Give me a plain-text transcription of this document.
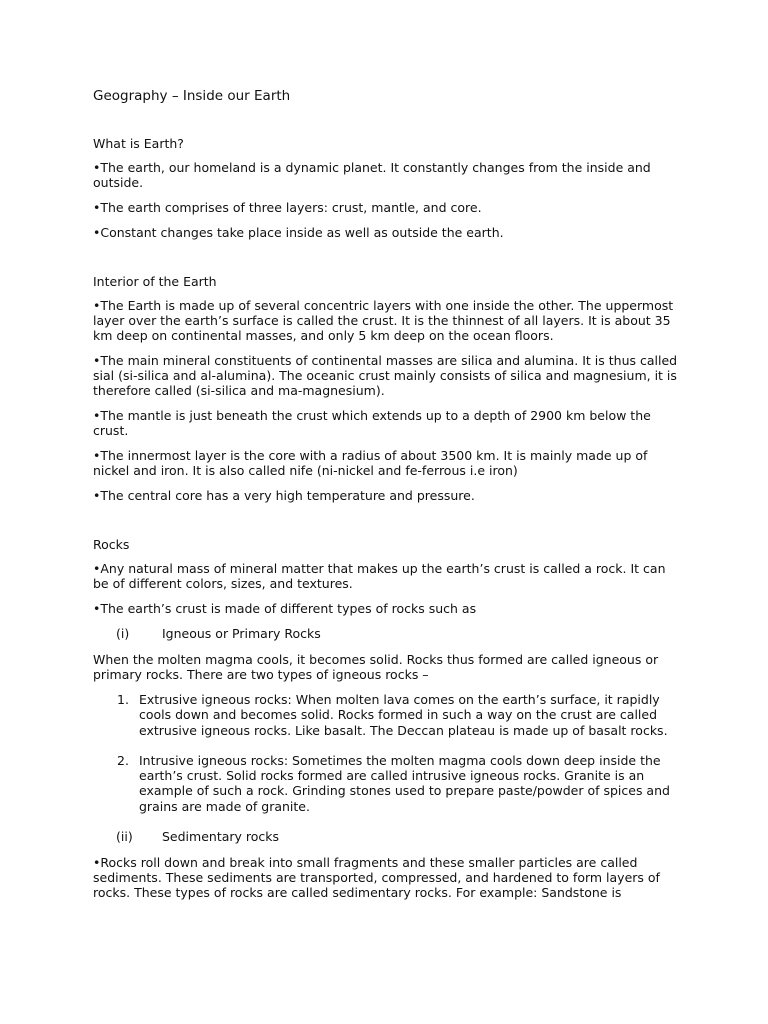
Geography – Inside our Earth
What is Earth?

•The earth, our homeland is a dynamic planet. It constantly changes from the inside and outside.

•The earth comprises of three layers: crust, mantle, and core.

•Constant changes take place inside as well as outside the earth.

Interior of the Earth

•The Earth is made up of several concentric layers with one inside the other. The uppermost layer over the earth’s surface is called the crust. It is the thinnest of all layers. It is about 35 km deep on continental masses, and only 5 km deep on the ocean floors.

•The main mineral constituents of continental masses are silica and alumina. It is thus called sial (si-silica and al-alumina). The oceanic crust mainly consists of silica and magnesium, it is therefore called (si-silica and ma-magnesium).

•The mantle is just beneath the crust which extends up to a depth of 2900 km below the crust.

•The innermost layer is the core with a radius of about 3500 km. It is mainly made up of nickel and iron. It is also called nife (ni-nickel and fe-ferrous i.e iron)

•The central core has a very high temperature and pressure.

Rocks

•Any natural mass of mineral matter that makes up the earth’s crust is called a rock. It can be of different colors, sizes, and textures.

•The earth’s crust is made of different types of rocks such as

(i)	Igneous or Primary Rocks

When the molten magma cools, it becomes solid. Rocks thus formed are called igneous or primary rocks. There are two types of igneous rocks –

1. Extrusive igneous rocks: When molten lava comes on the earth’s surface, it rapidly cools down and becomes solid. Rocks formed in such a way on the crust are called extrusive igneous rocks. Like basalt. The Deccan plateau is made up of basalt rocks.
2. Intrusive igneous rocks: Sometimes the molten magma cools down deep inside the earth’s crust. Solid rocks formed are called intrusive igneous rocks. Granite is an example of such a rock. Grinding stones used to prepare paste/powder of spices and grains are made of granite.
(ii) Sedimentary rocks

•Rocks roll down and break into small fragments and these smaller particles are called sediments. These sediments are transported, compressed, and hardened to form layers of rocks. These types of rocks are called sedimentary rocks. For example: Sandstone is
